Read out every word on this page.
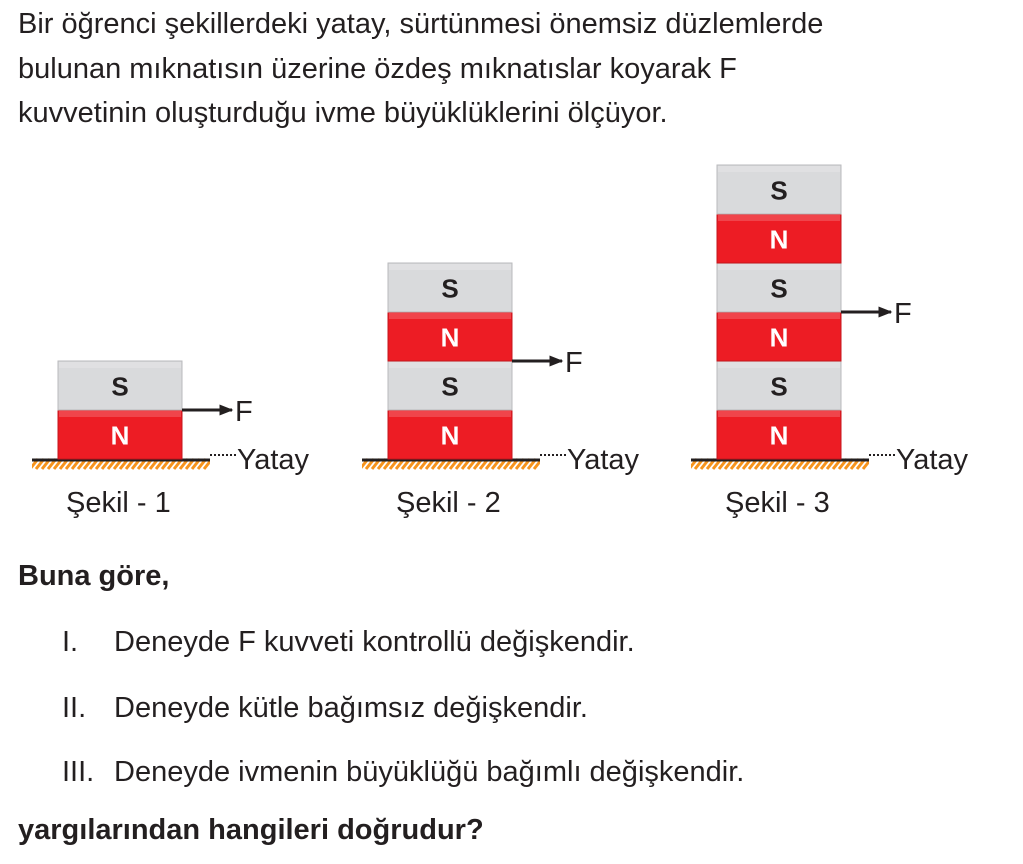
Bir öğrenci şekillerdeki yatay, sürtünmesi önemsiz düzlemlerde
bulunan mıknatısın üzerine özdeş mıknatıslar koyarak F
kuvvetinin oluşturduğu ivme büyüklüklerini ölçüyor.
Yatay
N
S
F
Şekil - 1
Yatay
N
S
N
S
F
Şekil - 2
Yatay
N
S
N
S
N
S
F
Şekil - 3
Buna göre,
I. Deneyde F kuvveti kontrollü değişkendir.
II. Deneyde kütle bağımsız değişkendir.
III. Deneyde ivmenin büyüklüğü bağımlı değişkendir.
yargılarından hangileri doğrudur?
